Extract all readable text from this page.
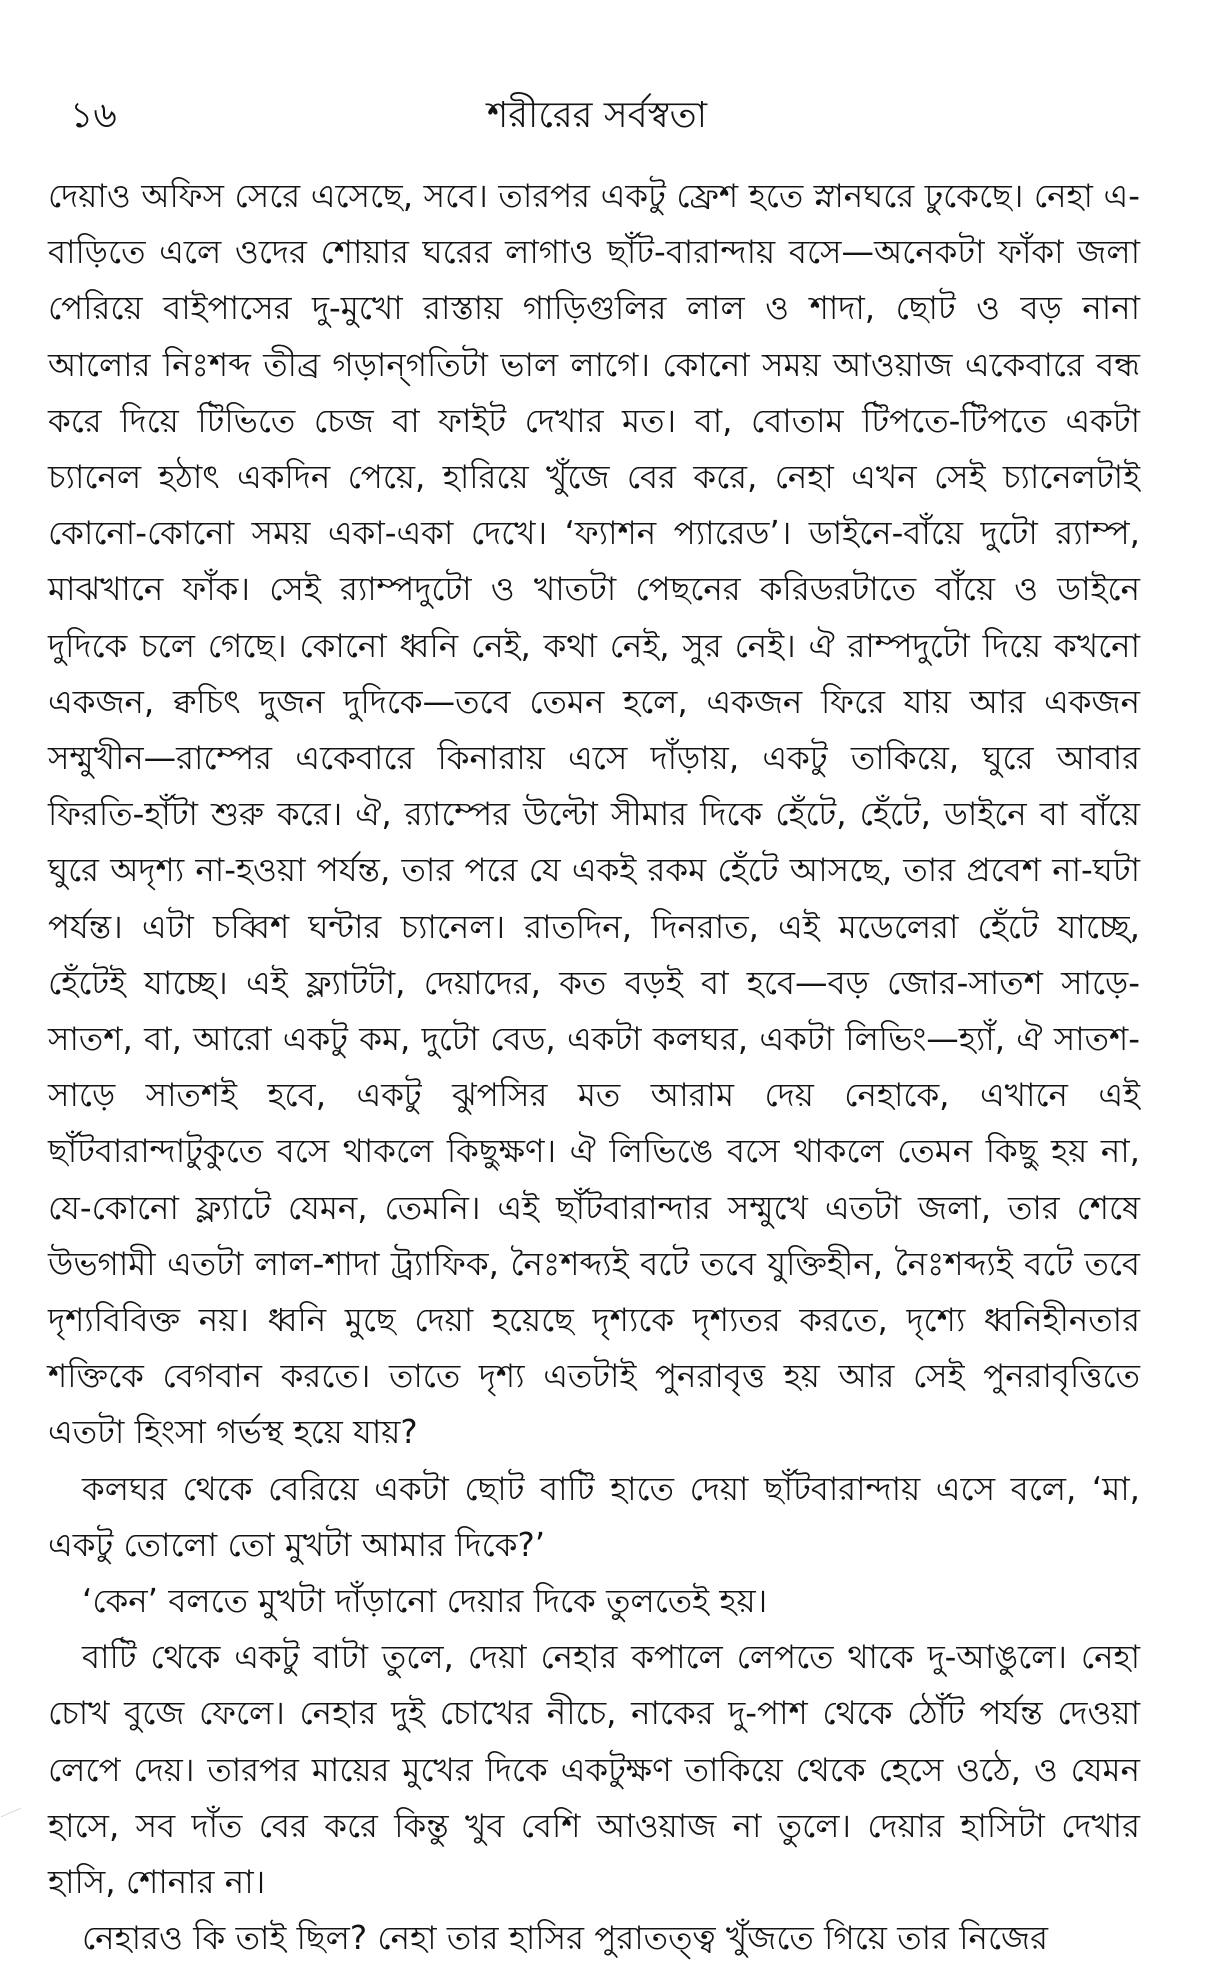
১৬	শরীরের সর্বস্বতা

দেয়াও অফিস সেরে এসেছে, সবে। তারপর একটু ফ্রেশ হতে স্নানঘরে ঢুকেছে। নেহা এ-বাড়িতে এলে ওদের শোয়ার ঘরের লাগাও ছাঁট-বারান্দায় বসে—অনেকটা ফাঁকা জলা পেরিয়ে বাইপাসের দু-মুখো রাস্তায় গাড়িগুলির লাল ও শাদা, ছোট ও বড় নানা আলোর নিঃশব্দ তীব্র গড়ান্‌গতিটা ভাল লাগে। কোনো সময় আওয়াজ একেবারে বন্ধ করে দিয়ে টিভিতে চেজ বা ফাইট দেখার মত। বা, বোতাম টিপতে-টিপতে একটা চ্যানেল হঠাৎ একদিন পেয়ে, হারিয়ে খুঁজে বের করে, নেহা এখন সেই চ্যানেলটাই কোনো-কোনো সময় একা-একা দেখে। ‘ফ্যাশন প্যারেড’। ডাইনে-বাঁয়ে দুটো র‍্যাম্প, মাঝখানে ফাঁক। সেই র‍্যাম্পদুটো ও খাতটা পেছনের করিডরটাতে বাঁয়ে ও ডাইনে দুদিকে চলে গেছে। কোনো ধ্বনি নেই, কথা নেই, সুর নেই। ঐ রাম্পদুটো দিয়ে কখনো একজন, ক্বচিৎ দুজন দুদিকে—তবে তেমন হলে, একজন ফিরে যায় আর একজন সম্মুখীন—রাম্পের একেবারে কিনারায় এসে দাঁড়ায়, একটু তাকিয়ে, ঘুরে আবার ফিরতি-হাঁটা শুরু করে। ঐ, র‍্যাম্পের উল্টো সীমার দিকে হেঁটে, হেঁটে, ডাইনে বা বাঁয়ে ঘুরে অদৃশ্য না-হওয়া পর্যন্ত, তার পরে যে একই রকম হেঁটে আসছে, তার প্রবেশ না-ঘটা পর্যন্ত। এটা চব্বিশ ঘন্টার চ্যানেল। রাতদিন, দিনরাত, এই মডেলেরা হেঁটে যাচ্ছে, হেঁটেই যাচ্ছে। এই ফ্ল্যাটটা, দেয়াদের, কত বড়ই বা হবে—বড় জোর-সাতশ সাড়ে-সাতশ, বা, আরো একটু কম, দুটো বেড, একটা কলঘর, একটা লিভিং—হ্যাঁ, ঐ সাতশ-সাড়ে সাতশই হবে, একটু ঝুপসির মত আরাম দেয় নেহাকে, এখানে এই ছাঁটবারান্দাটুকুতে বসে থাকলে কিছুক্ষণ। ঐ লিভিঙে বসে থাকলে তেমন কিছু হয় না, যে-কোনো ফ্ল্যাটে যেমন, তেমনি। এই ছাঁটবারান্দার সম্মুখে এতটা জলা, তার শেষে উভগামী এতটা লাল-শাদা ট্র্যাফিক, নৈঃশব্দ্যই বটে তবে যুক্তিহীন, নৈঃশব্দ্যই বটে তবে দৃশ্যবিবিক্ত নয়। ধ্বনি মুছে দেয়া হয়েছে দৃশ্যকে দৃশ্যতর করতে, দৃশ্যে ধ্বনিহীনতার শক্তিকে বেগবান করতে। তাতে দৃশ্য এতটাই পুনরাবৃত্ত হয় আর সেই পুনরাবৃত্তিতে এতটা হিংসা গর্ভস্থ হয়ে যায়?

কলঘর থেকে বেরিয়ে একটা ছোট বাটি হাতে দেয়া ছাঁটবারান্দায় এসে বলে, ‘মা, একটু তোলো তো মুখটা আমার দিকে?’

‘কেন’ বলতে মুখটা দাঁড়ানো দেয়ার দিকে তুলতেই হয়।

বাটি থেকে একটু বাটা তুলে, দেয়া নেহার কপালে লেপতে থাকে দু-আঙুলে। নেহা চোখ বুজে ফেলে। নেহার দুই চোখের নীচে, নাকের দু-পাশ থেকে ঠোঁট পর্যন্ত দেওয়া লেপে দেয়। তারপর মায়ের মুখের দিকে একটুক্ষণ তাকিয়ে থেকে হেসে ওঠে, ও যেমন হাসে, সব দাঁত বের করে কিন্তু খুব বেশি আওয়াজ না তুলে। দেয়ার হাসিটা দেখার হাসি, শোনার না।

নেহারও কি তাই ছিল? নেহা তার হাসির পুরাতত্ত্ব খুঁজতে গিয়ে তার নিজের
